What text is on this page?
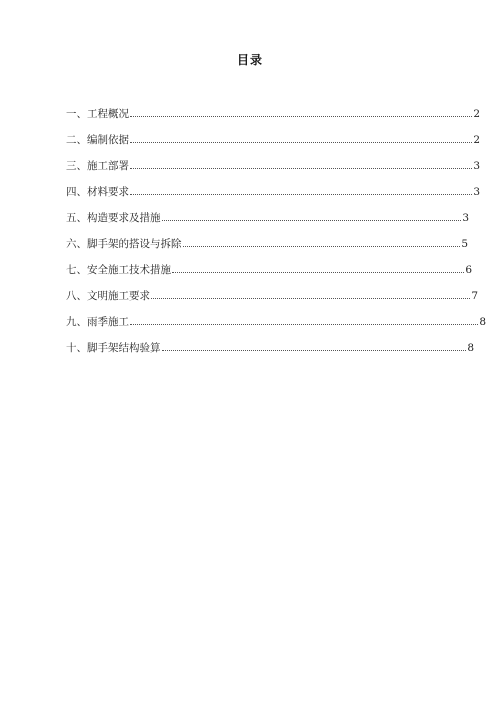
目录
一、工程概况	2
二、编制依据	2
三、施工部署	3
四、材料要求	3
五、构造要求及措施	3
六、脚手架的搭设与拆除	5
七、安全施工技术措施	6
八、文明施工要求	7
九、雨季施工	8
十、脚手架结构验算	8
